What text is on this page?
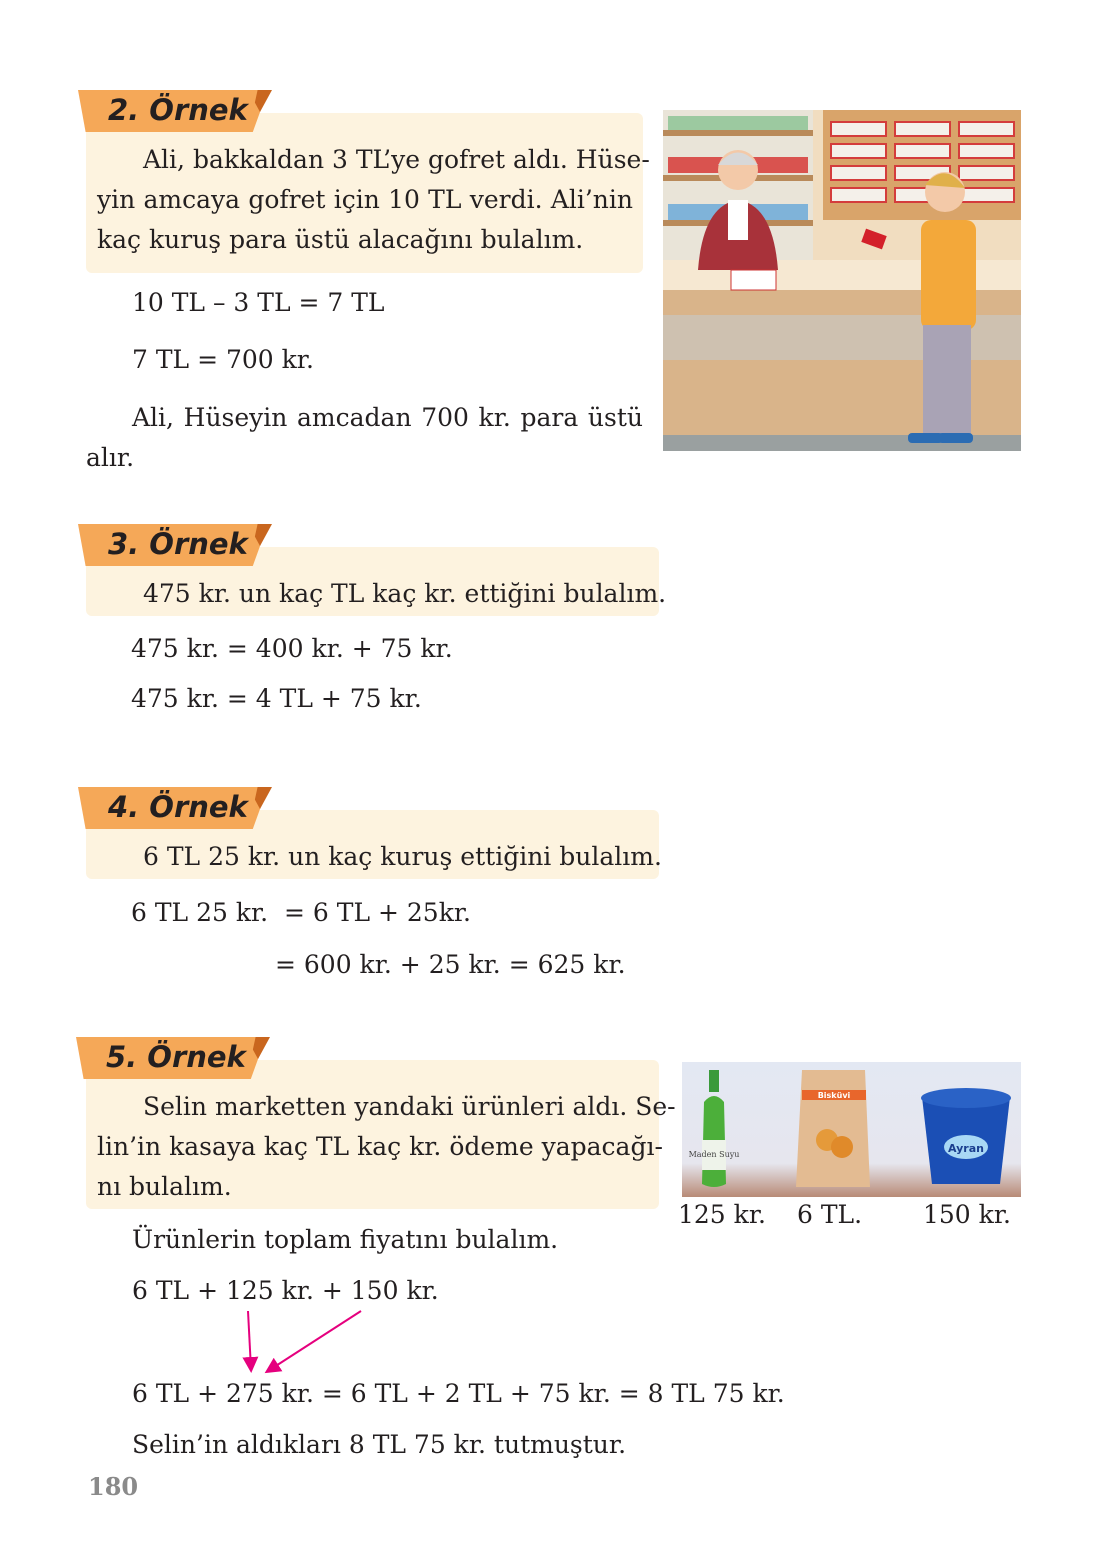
2. Örnek
Ali, bakkaldan 3 TL’ye gofret aldı. Hüse-
yin amcaya gofret için 10 TL verdi. Ali’nin
kaç kuruş para üstü alacağını bulalım.
10 TL – 3 TL = 7 TL
7 TL = 700 kr.
Ali, Hüseyin amcadan 700 kr. para üstü
alır.
3. Örnek
475 kr. un kaç TL kaç kr. ettiğini bulalım.
475 kr. = 400 kr. + 75 kr.
475 kr. = 4 TL + 75 kr.
4. Örnek
6 TL 25 kr. un kaç kuruş ettiğini bulalım.
6 TL 25 kr.  = 6 TL + 25kr.
= 600 kr. + 25 kr. = 625 kr.
5. Örnek
Selin marketten yandaki ürünleri aldı. Se-
lin’in kasaya kaç TL kaç kr. ödeme yapacağı-
nı bulalım.
Ürünlerin toplam fiyatını bulalım.
6 TL + 125 kr. + 150 kr.
6 TL + 275 kr. = 6 TL + 2 TL + 75 kr. = 8 TL 75 kr.
Selin’in aldıkları 8 TL 75 kr. tutmuştur.
Maden Suyu
Bisküvi
Ayran
125 kr. 6 TL. 150 kr.
180
